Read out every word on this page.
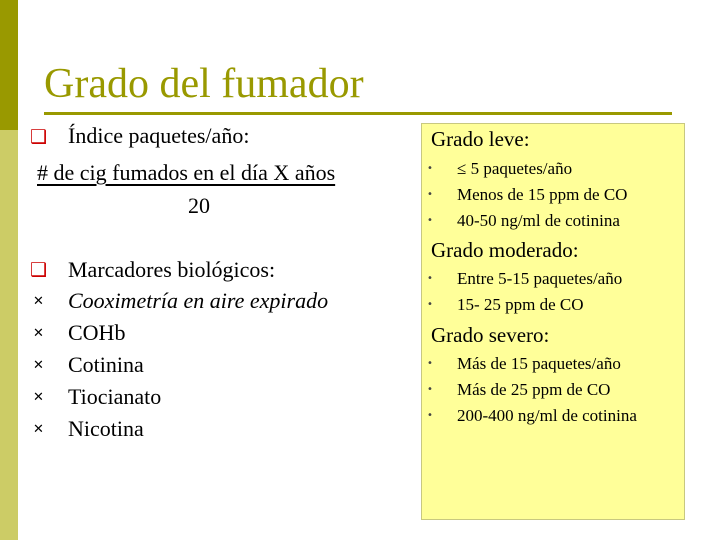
Grado del fumador
❑ Índice paquetes/año:
# de cig fumados en el día X años
20
❑ Marcadores biológicos:
✕ Cooximetría en aire expirado
✕ COHb
✕ Cotinina
✕ Tiocianato
✕ Nicotina
Grado leve:
• ≤ 5 paquetes/año
• Menos de 15 ppm de CO
• 40-50 ng/ml de cotinina
Grado moderado:
• Entre 5-15 paquetes/año
• 15- 25 ppm de CO
Grado severo:
• Más de 15 paquetes/año
• Más de 25 ppm de CO
• 200-400 ng/ml de cotinina
